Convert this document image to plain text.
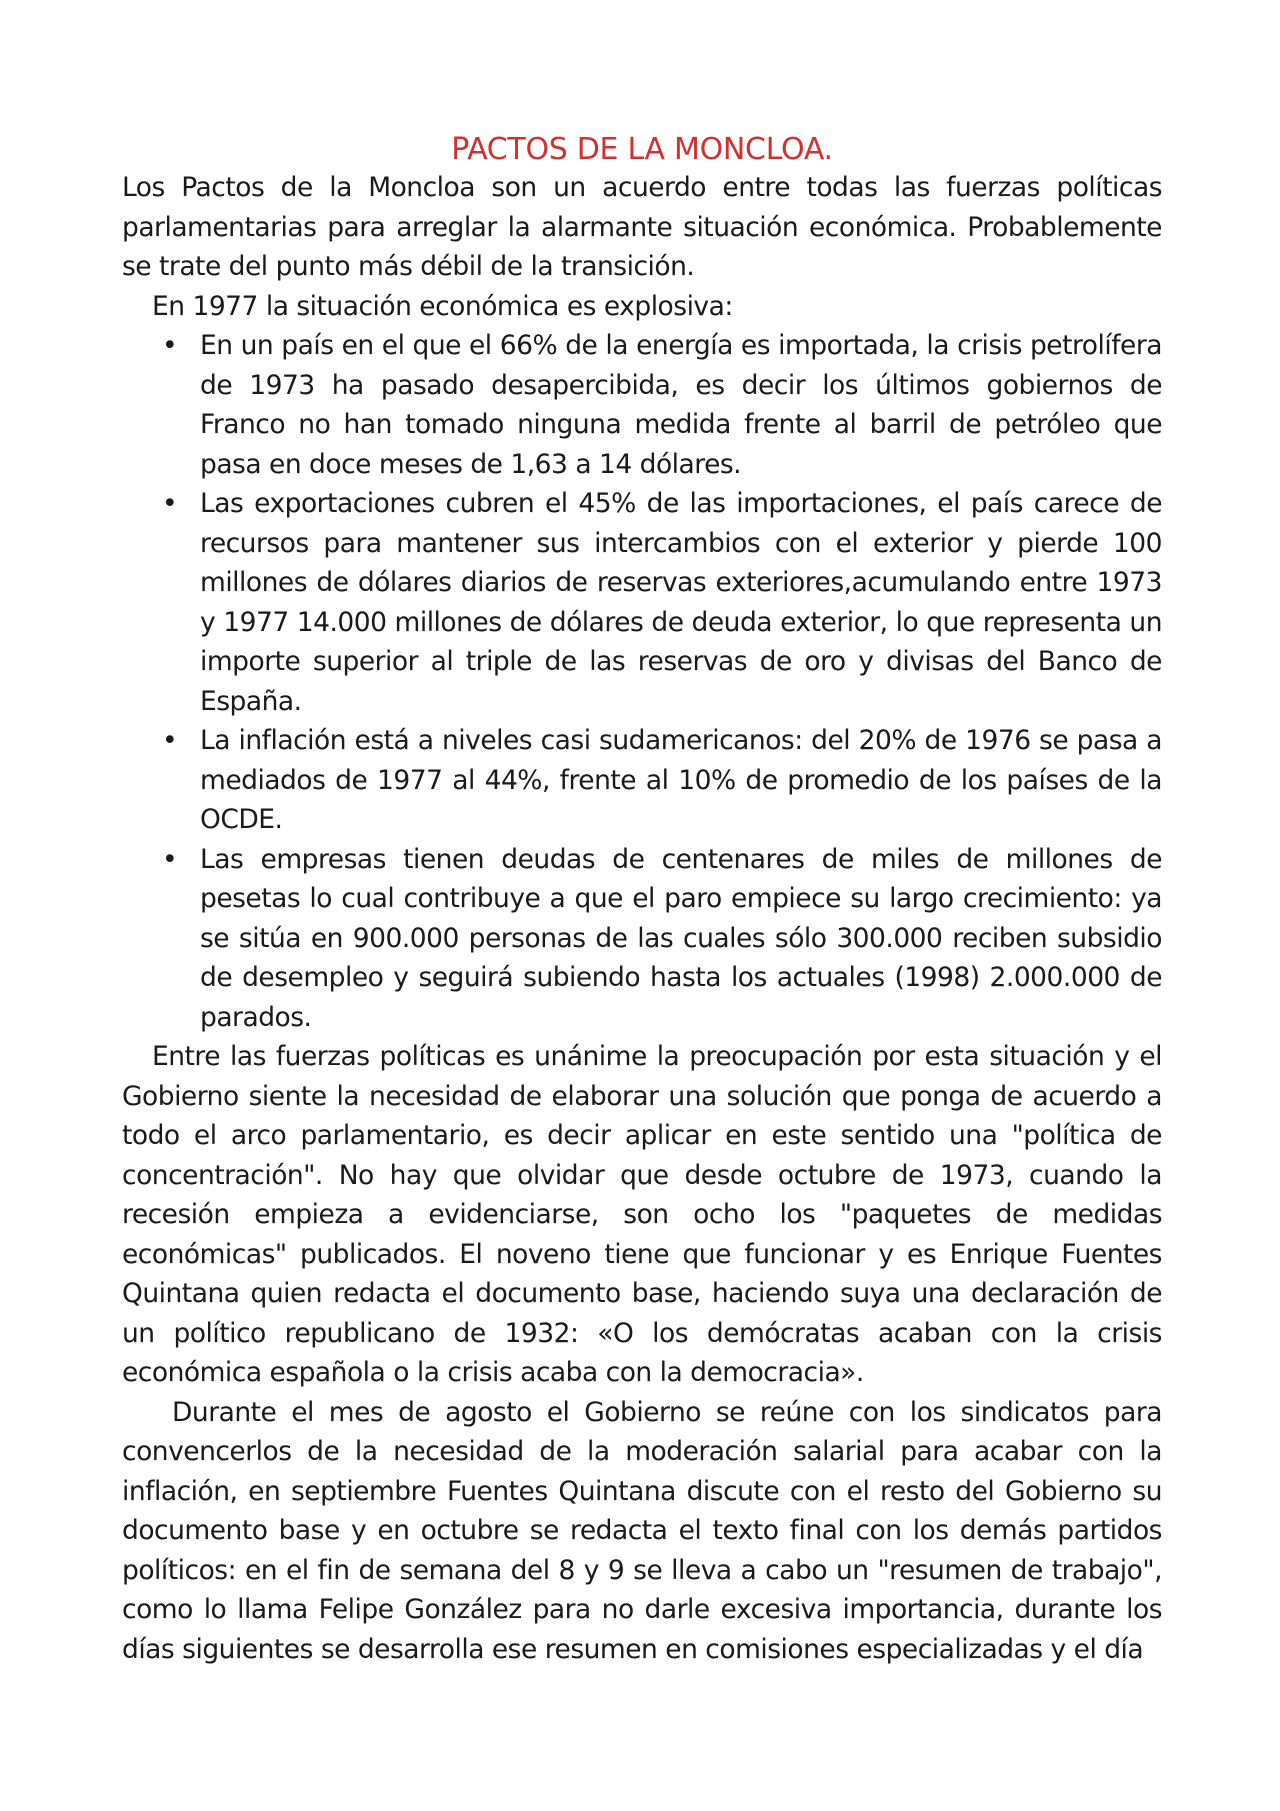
PACTOS DE LA MONCLOA.

Los Pactos de la Moncloa son un acuerdo entre todas las fuerzas políticas parlamentarias para arreglar la alarmante situación económica. Probablemente se trate del punto más débil de la transición.

En 1977 la situación económica es explosiva:

• En un país en el que el 66% de la energía es importada, la crisis petrolífera de 1973 ha pasado desapercibida, es decir los últimos gobiernos de Franco no han tomado ninguna medida frente al barril de petróleo que pasa en doce meses de 1,63 a 14 dólares.
• Las exportaciones cubren el 45% de las importaciones, el país carece de recursos para mantener sus intercambios con el exterior y pierde 100 millones de dólares diarios de reservas exteriores,acumulando entre 1973 y 1977 14.000 millones de dólares de deuda exterior, lo que representa un importe superior al triple de las reservas de oro y divisas del Banco de España.
• La inflación está a niveles casi sudamericanos: del 20% de 1976 se pasa a mediados de 1977 al 44%, frente al 10% de promedio de los países de la OCDE.
• Las empresas tienen deudas de centenares de miles de millones de pesetas lo cual contribuye a que el paro empiece su largo crecimiento: ya se sitúa en 900.000 personas de las cuales sólo 300.000 reciben subsidio de desempleo y seguirá subiendo hasta los actuales (1998) 2.000.000 de parados.

Entre las fuerzas políticas es unánime la preocupación por esta situación y el Gobierno siente la necesidad de elaborar una solución que ponga de acuerdo a todo el arco parlamentario, es decir aplicar en este sentido una "política de concentración". No hay que olvidar que desde octubre de 1973, cuando la recesión empieza a evidenciarse, son ocho los "paquetes de medidas económicas" publicados. El noveno tiene que funcionar y es Enrique Fuentes Quintana quien redacta el documento base, haciendo suya una declaración de un político republicano de 1932: «O los demócratas acaban con la crisis económica española o la crisis acaba con la democracia».

Durante el mes de agosto el Gobierno se reúne con los sindicatos para convencerlos de la necesidad de la moderación salarial para acabar con la inflación, en septiembre Fuentes Quintana discute con el resto del Gobierno su documento base y en octubre se redacta el texto final con los demás partidos políticos: en el fin de semana del 8 y 9 se lleva a cabo un "resumen de trabajo", como lo llama Felipe González para no darle excesiva importancia, durante los días siguientes se desarrolla ese resumen en comisiones especializadas y el día
